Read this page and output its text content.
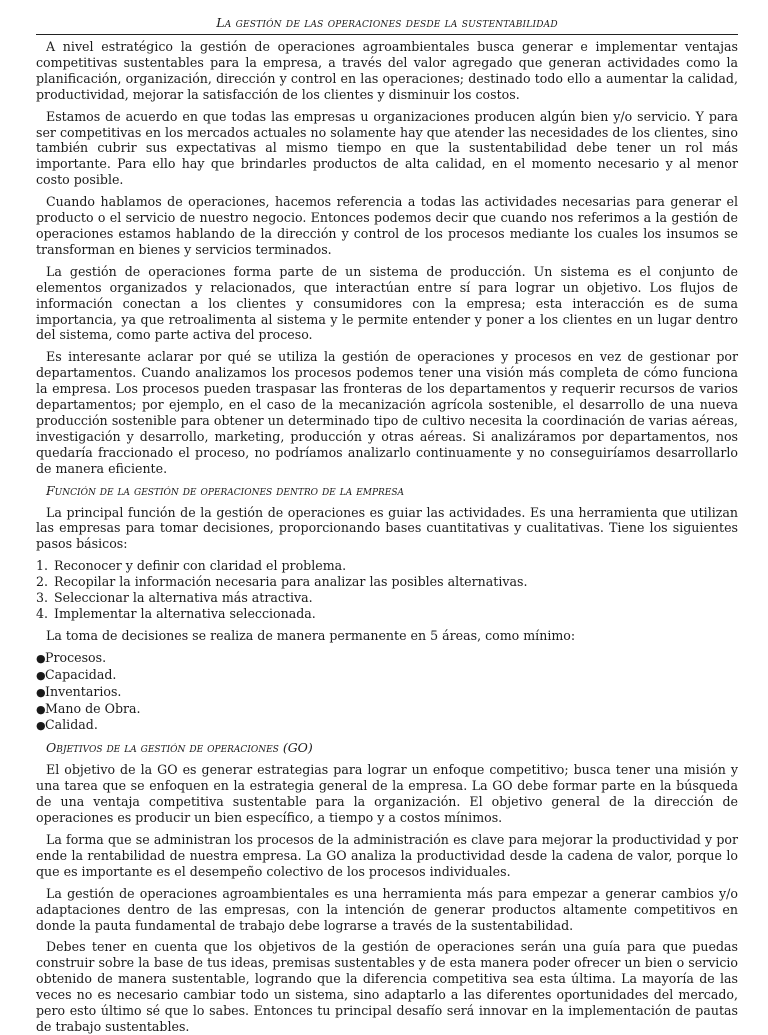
La gestión de las operaciones desde la sustentabilidad

A nivel estratégico la gestión de operaciones agroambientales busca generar e implementar ventajas competitivas sustentables para la empresa, a través del valor agregado que generan actividades como la planificación, organización, dirección y control en las operaciones; destinado todo ello a aumentar la calidad, productividad, mejorar la satisfacción de los clientes y disminuir los costos.

Estamos de acuerdo en que todas las empresas u organizaciones producen algún bien y/o servicio. Y para ser competitivas en los mercados actuales no solamente hay que atender las necesidades de los clientes, sino también cubrir sus expectativas al mismo tiempo en que la sustentabilidad debe tener un rol más importante. Para ello hay que brindarles productos de alta calidad, en el momento necesario y al menor costo posible.

Cuando hablamos de operaciones, hacemos referencia a todas las actividades necesarias para generar el producto o el servicio de nuestro negocio. Entonces podemos decir que cuando nos referimos a la gestión de operaciones estamos hablando de la dirección y control de los procesos mediante los cuales los insumos se transforman en bienes y servicios terminados.

La gestión de operaciones forma parte de un sistema de producción. Un sistema es el conjunto de elementos organizados y relacionados, que interactúan entre sí para lograr un objetivo. Los flujos de información conectan a los clientes y consumidores con la empresa; esta interacción es de suma importancia, ya que retroalimenta al sistema y le permite entender y poner a los clientes en un lugar dentro del sistema, como parte activa del proceso.

Es interesante aclarar por qué se utiliza la gestión de operaciones y procesos en vez de gestionar por departamentos. Cuando analizamos los procesos podemos tener una visión más completa de cómo funciona la empresa. Los procesos pueden traspasar las fronteras de los departamentos y requerir recursos de varios departamentos; por ejemplo, en el caso de la mecanización agrícola sostenible, el desarrollo de una nueva producción sostenible para obtener un determinado tipo de cultivo necesita la coordinación de varias aéreas, investigación y desarrollo, marketing, producción y otras aéreas. Si analizáramos por departamentos, nos quedaría fraccionado el proceso, no podríamos analizarlo continuamente y no conseguiríamos desarrollarlo de manera eficiente.

Función de la gestión de operaciones dentro de la empresa

La principal función de la gestión de operaciones es guiar las actividades. Es una herramienta que utilizan las empresas para tomar decisiones, proporcionando bases cuantitativas y cualitativas. Tiene los siguientes pasos básicos:

1. Reconocer y definir con claridad el problema.
2. Recopilar la información necesaria para analizar las posibles alternativas.
3. Seleccionar la alternativa más atractiva.
4. Implementar la alternativa seleccionada.

La toma de decisiones se realiza de manera permanente en 5 áreas, como mínimo:

● Procesos.
● Capacidad.
● Inventarios.
● Mano de Obra.
● Calidad.
Objetivos de la gestión de operaciones (GO)

El objetivo de la GO es generar estrategias para lograr un enfoque competitivo; busca tener una misión y una tarea que se enfoquen en la estrategia general de la empresa. La GO debe formar parte en la búsqueda de una ventaja competitiva sustentable para la organización. El objetivo general de la dirección de operaciones es producir un bien específico, a tiempo y a costos mínimos.

La forma que se administran los procesos de la administración es clave para mejorar la productividad y por ende la rentabilidad de nuestra empresa. La GO analiza la productividad desde la cadena de valor, porque lo que es importante es el desempeño colectivo de los procesos individuales.

La gestión de operaciones agroambientales es una herramienta más para empezar a generar cambios y/o adaptaciones dentro de las empresas, con la intención de generar productos altamente competitivos en donde la pauta fundamental de trabajo debe lograrse a través de la sustentabilidad.

Debes tener en cuenta que los objetivos de la gestión de operaciones serán una guía para que puedas construir sobre la base de tus ideas, premisas sustentables y de esta manera poder ofrecer un bien o servicio obtenido de manera sustentable, logrando que la diferencia competitiva sea esta última. La mayoría de las veces no es necesario cambiar todo un sistema, sino adaptarlo a las diferentes oportunidades del mercado, pero esto último sé que lo sabes. Entonces tu principal desafío será innovar en la implementación de pautas de trabajo sustentables.
